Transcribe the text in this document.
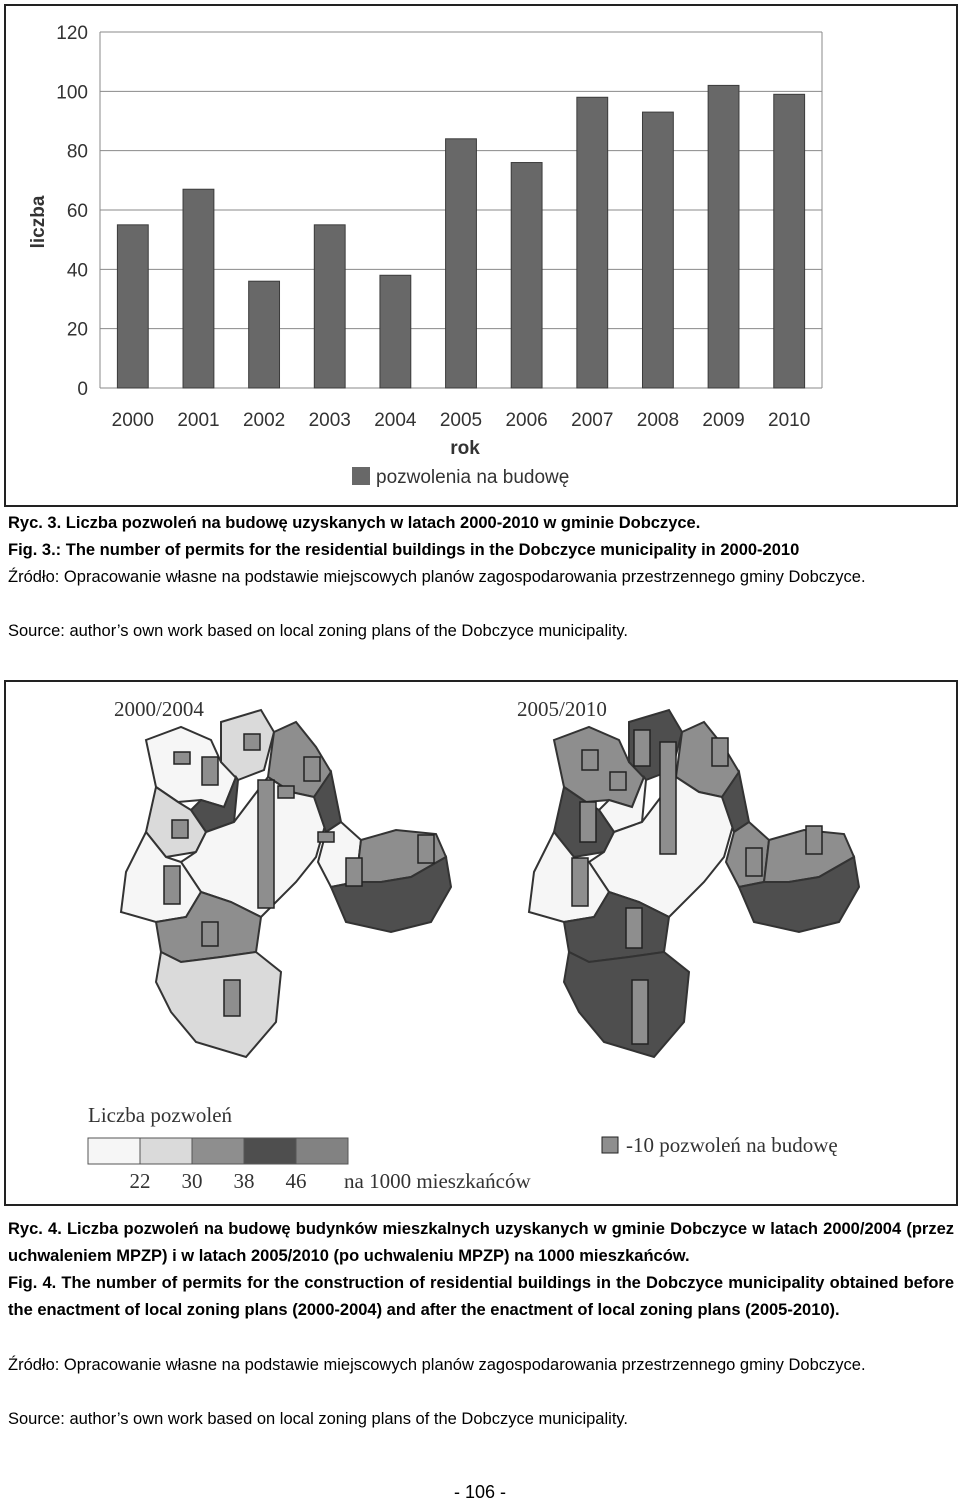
0
20
40
60
80
100
120
2000 2001 2002 2003 2004 2005 2006 2007 2008 2009 2010
liczba
rok
pozwolenia na budowę
Ryc. 3. Liczba pozwoleń na budowę uzyskanych w latach 2000-2010 w gminie Dobczyce.
Fig. 3.: The number of permits for the residential buildings in the Dobczyce municipality in 2000-2010
Źródło: Opracowanie własne na podstawie miejscowych planów zagospodarowania przestrzennego gminy Dobczyce.
Source: author’s own work based on local zoning plans of the Dobczyce municipality.
2000/2004	2005/2010
Liczba pozwoleń
22 30 38 46 na 1000 mieszkańców
-10 pozwoleń na budowę
Ryc. 4. Liczba pozwoleń na budowę budynków mieszkalnych uzyskanych w gminie Dobczyce w latach 2000/2004 (przez uchwaleniem MPZP) i w latach 2005/2010 (po uchwaleniu MPZP) na 1000 mieszkańców.
Fig. 4. The number of permits for the construction of residential buildings in the Dobczyce municipality obtained before the enactment of local zoning plans (2000-2004) and after the enactment of local zoning plans (2005-2010).
Źródło: Opracowanie własne na podstawie miejscowych planów zagospodarowania przestrzennego gminy Dobczyce.
Source: author’s own work based on local zoning plans of the Dobczyce municipality.
- 106 -
